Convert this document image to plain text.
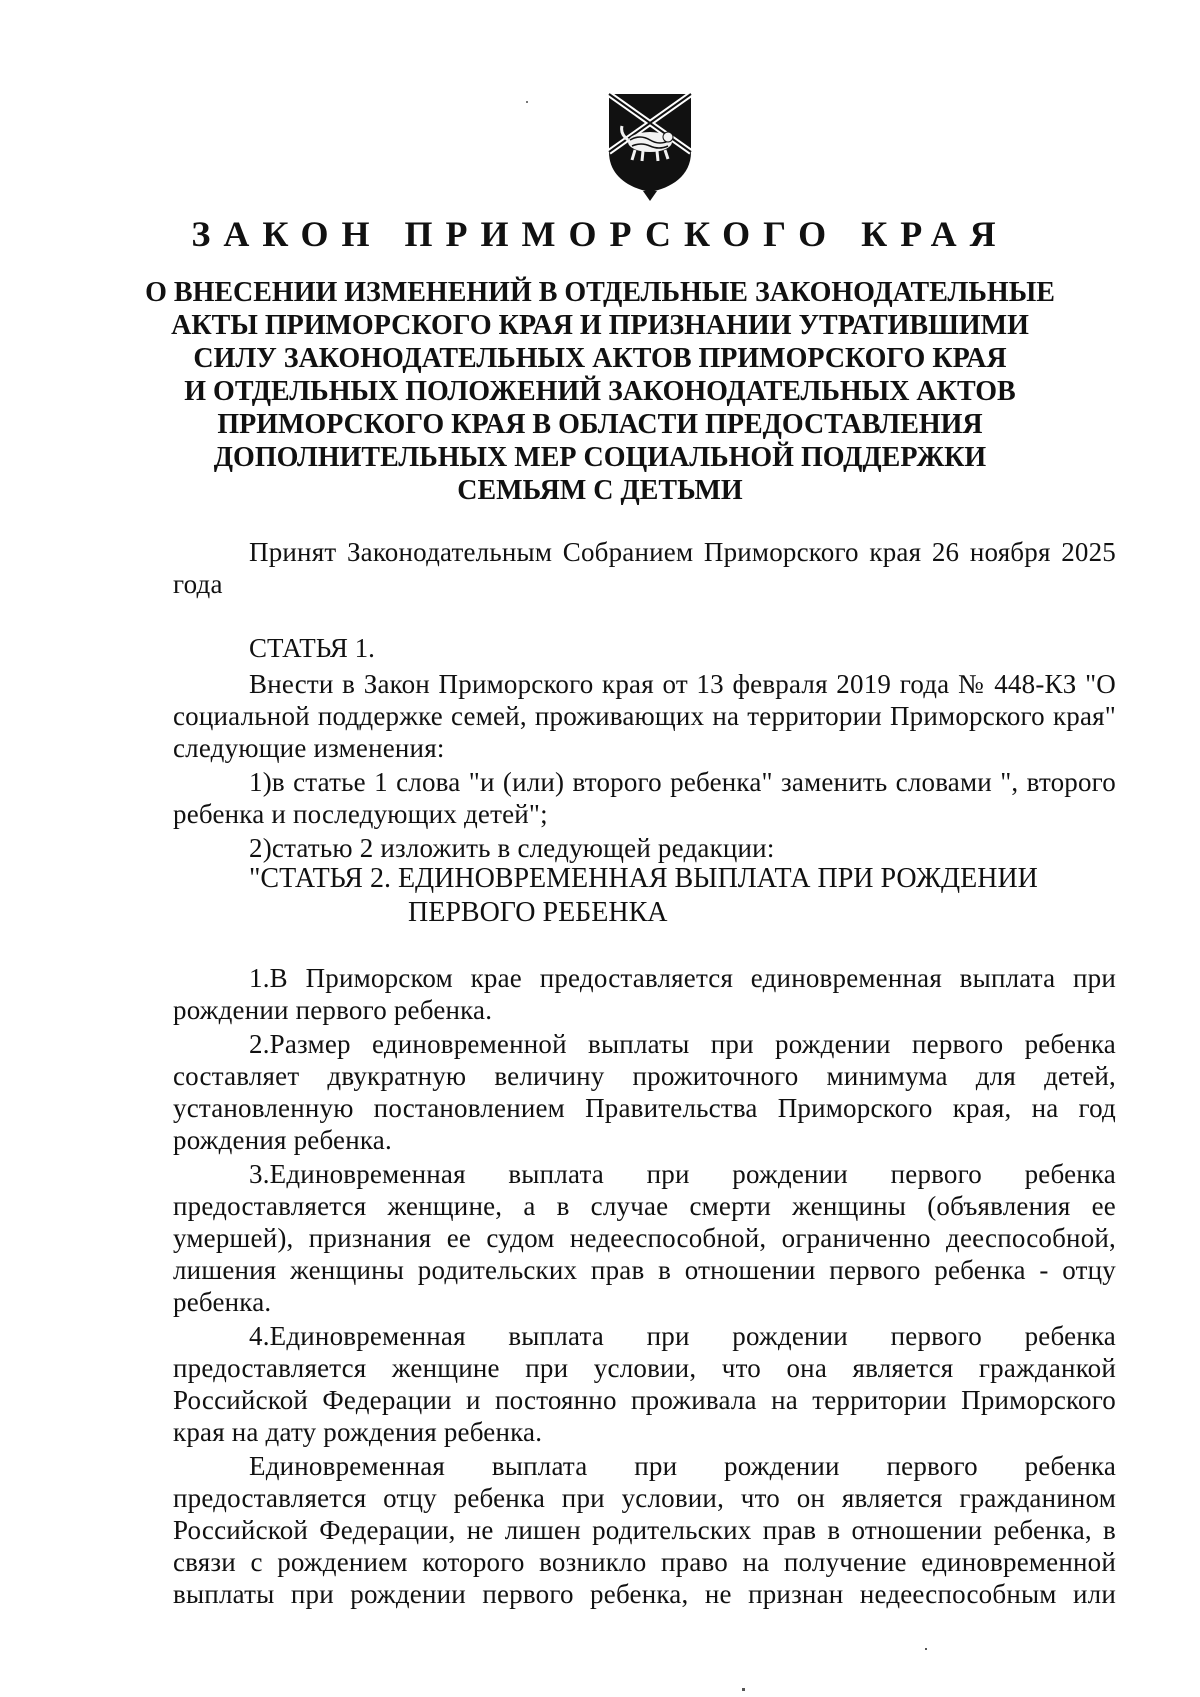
ЗАКОН ПРИМОРСКОГО КРАЯ
О ВНЕСЕНИИ ИЗМЕНЕНИЙ В ОТДЕЛЬНЫЕ ЗАКОНОДАТЕЛЬНЫЕ
АКТЫ ПРИМОРСКОГО КРАЯ И ПРИЗНАНИИ УТРАТИВШИМИ
СИЛУ ЗАКОНОДАТЕЛЬНЫХ АКТОВ ПРИМОРСКОГО КРАЯ
И ОТДЕЛЬНЫХ ПОЛОЖЕНИЙ ЗАКОНОДАТЕЛЬНЫХ АКТОВ
ПРИМОРСКОГО КРАЯ В ОБЛАСТИ ПРЕДОСТАВЛЕНИЯ
ДОПОЛНИТЕЛЬНЫХ МЕР СОЦИАЛЬНОЙ ПОДДЕРЖКИ
СЕМЬЯМ С ДЕТЬМИ

Принят Законодательным Собранием Приморского края 26 ноября 2025 года

СТАТЬЯ 1.

Внести в Закон Приморского края от 13 февраля 2019 года № 448-КЗ "О социальной поддержке семей, проживающих на территории Приморского края" следующие изменения:

1)в статье 1 слова "и (или) второго ребенка" заменить словами ", второго ребенка и последующих детей";

2)статью 2 изложить в следующей редакции:

"СТАТЬЯ 2. ЕДИНОВРЕМЕННАЯ ВЫПЛАТА ПРИ РОЖДЕНИИ
ПЕРВОГО РЕБЕНКА

1.В Приморском крае предоставляется единовременная выплата при рождении первого ребенка.

2.Размер единовременной выплаты при рождении первого ребенка составляет двукратную величину прожиточного минимума для детей, установленную постановлением Правительства Приморского края, на год рождения ребенка.

3.Единовременная выплата при рождении первого ребенка предоставляется женщине, а в случае смерти женщины (объявления ее умершей), признания ее судом недееспособной, ограниченно дееспособной, лишения женщины родительских прав в отношении первого ребенка - отцу ребенка.

4.Единовременная выплата при рождении первого ребенка предоставляется женщине при условии, что она является гражданкой Российской Федерации и постоянно проживала на территории Приморского края на дату рождения ребенка.

Единовременная выплата при рождении первого ребенка предоставляется отцу ребенка при условии, что он является гражданином Российской Федерации, не лишен родительских прав в отношении ребенка, в связи с рождением которого возникло право на получение единовременной выплаты при рождении первого ребенка, не признан недееспособным или
